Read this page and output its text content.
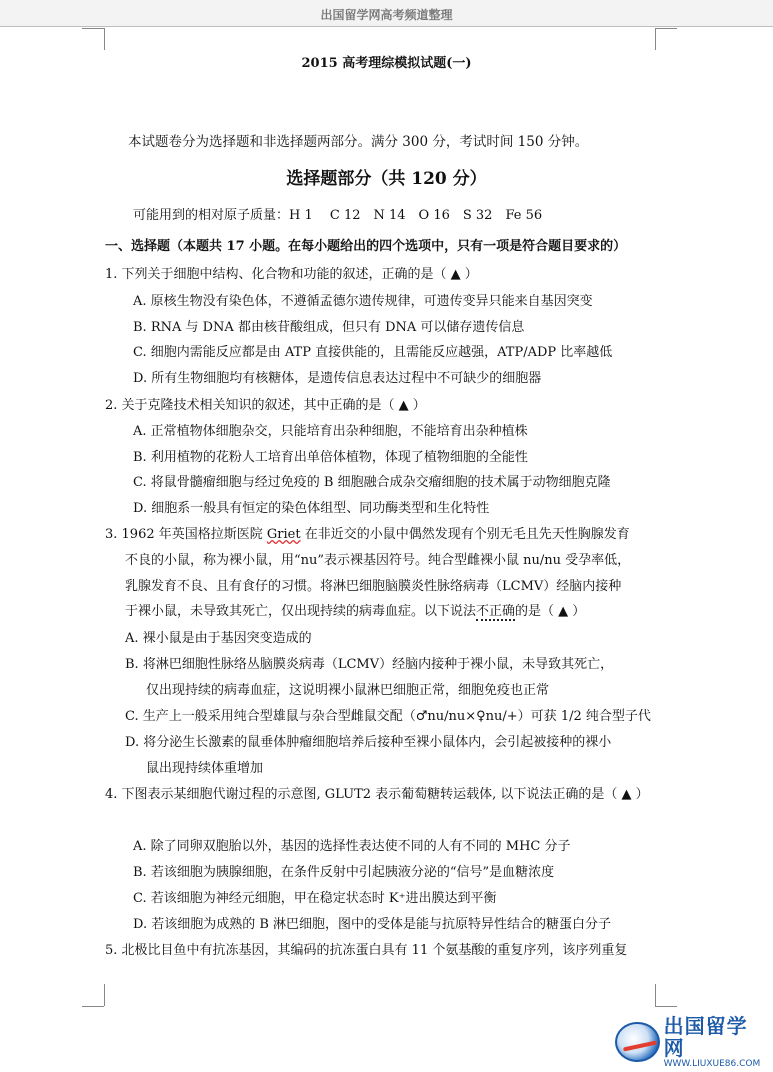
出国留学网高考频道整理
2015 高考理综模拟试题(一)
本试题卷分为选择题和非选择题两部分。满分 300 分，考试时间 150 分钟。
选择题部分（共 120 分）
可能用到的相对原子质量：H 1　 C 12　N 14　O 16　S 32　Fe 56
一、选择题（本题共 17 小题。在每小题给出的四个选项中，只有一项是符合题目要求的）
1. 下列关于细胞中结构、化合物和功能的叙述，正确的是（ ▲ ）
A. 原核生物没有染色体，不遵循孟德尔遗传规律，可遗传变异只能来自基因突变
B. RNA 与 DNA 都由核苷酸组成，但只有 DNA 可以储存遗传信息
C. 细胞内需能反应都是由 ATP 直接供能的，且需能反应越强，ATP/ADP 比率越低
D. 所有生物细胞均有核糖体，是遗传信息表达过程中不可缺少的细胞器
2. 关于克隆技术相关知识的叙述，其中正确的是（ ▲ ）
A. 正常植物体细胞杂交，只能培育出杂种细胞，不能培育出杂种植株
B. 利用植物的花粉人工培育出单倍体植物，体现了植物细胞的全能性
C. 将鼠骨髓瘤细胞与经过免疫的 B 细胞融合成杂交瘤细胞的技术属于动物细胞克隆
D. 细胞系一般具有恒定的染色体组型、同功酶类型和生化特性
3. 1962 年英国格拉斯医院 Griet 在非近交的小鼠中偶然发现有个别无毛且先天性胸腺发育
不良的小鼠，称为裸小鼠，用“nu”表示裸基因符号。纯合型雌裸小鼠 nu/nu 受孕率低，
乳腺发育不良、且有食仔的习惯。将淋巴细胞脑膜炎性脉络病毒（LCMV）经脑内接种
于裸小鼠，未导致其死亡，仅出现持续的病毒血症。以下说法不正确的是（ ▲ ）
A. 裸小鼠是由于基因突变造成的
B. 将淋巴细胞性脉络丛脑膜炎病毒（LCMV）经脑内接种于裸小鼠，未导致其死亡，
仅出现持续的病毒血症，这说明裸小鼠淋巴细胞正常，细胞免疫也正常
C. 生产上一般采用纯合型雄鼠与杂合型雌鼠交配（♂nu/nu×♀nu/+）可获 1/2 纯合型子代
D. 将分泌生长激素的鼠垂体肿瘤细胞培养后接种至裸小鼠体内，会引起被接种的裸小
鼠出现持续体重增加
4. 下图表示某细胞代谢过程的示意图, GLUT2 表示葡萄糖转运载体, 以下说法正确的是（ ▲ ）
A. 除了同卵双胞胎以外，基因的选择性表达使不同的人有不同的 MHC 分子
B. 若该细胞为胰腺细胞，在条件反射中引起胰液分泌的“信号”是血糖浓度
C. 若该细胞为神经元细胞，甲在稳定状态时 K⁺进出膜达到平衡
D. 若该细胞为成熟的 B 淋巴细胞，图中的受体是能与抗原特异性结合的糖蛋白分子
5. 北极比目鱼中有抗冻基因，其编码的抗冻蛋白具有 11 个氨基酸的重复序列，该序列重复
出国留学网
WWW.LIUXUE86.COM
